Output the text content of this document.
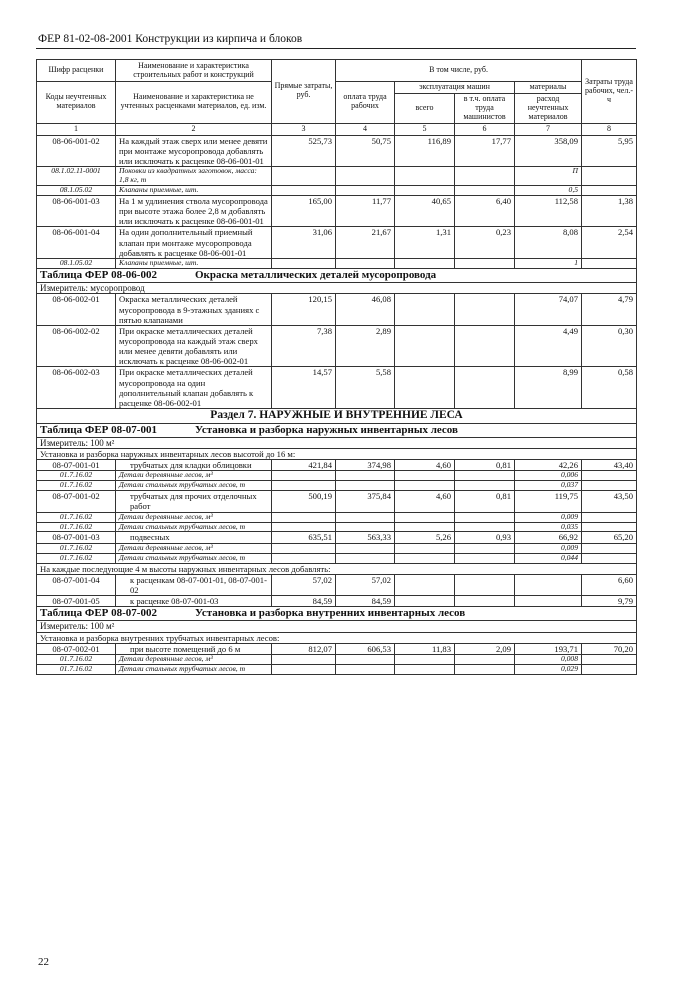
ФЕР 81-02-08-2001 Конструкции из кирпича и блоков
Шифр расценки	Наименование и характеристика строительных работ и конструкций	Прямые затраты, руб.	В том числе, руб.				Затраты труда рабочих, чел.-ч
Коды неучтенных материалов	Наименование и характеристика не учтенных расценками материалов, ед. изм.		оплата труда рабочих	эксплуатация машин		материалы	
				всего	в т.ч. оплата труда машинистов	расход неучтенных материалов	
1	2	3	4	5	6	7	8
08-06-001-02	На каждый этаж сверх или менее девяти при монтаже мусоропровода добавлять или исключать к расценке 08-06-001-01	525,73	50,75	116,89	17,77	358,09	5,95
08.1.02.11-0001	Поковки из квадратных заготовок, масса: 1,8 кг, т					П	
08.1.05.02	Клапаны приемные, шт.					0,5	
08-06-001-03	На 1 м удлинения ствола мусоропровода при высоте этажа более 2,8 м добавлять или исключать к расценке 08-06-001-01	165,00	11,77	40,65	6,40	112,58	1,38
08-06-001-04	На один дополнительный приемный клапан при монтаже мусоропровода добавлять к расценке 08-06-001-01	31,06	21,67	1,31	0,23	8,08	2,54
08.1.05.02	Клапаны приемные, шт.					1	
Таблица ФЕР 08-06-002 Окраска металлических деталей мусоропровода							
Измеритель: мусоропровод							
08-06-002-01	Окраска металлических деталей мусоропровода в 9-этажных зданиях с пятью клапанами	120,15	46,08			74,07	4,79
08-06-002-02	При окраске металлических деталей мусоропровода на каждый этаж сверх или менее девяти добавлять или исключать к расценке 08-06-002-01	7,38	2,89			4,49	0,30
08-06-002-03	При окраске металлических деталей мусоропровода на один дополнительный клапан добавлять к расценке 08-06-002-01	14,57	5,58			8,99	0,58
Раздел 7. НАРУЖНЫЕ И ВНУТРЕННИЕ ЛЕСА							
Таблица ФЕР 08-07-001 Установка и разборка наружных инвентарных лесов							
Измеритель: 100 м²							
Установка и разборка наружных инвентарных лесов высотой до 16 м:							
08-07-001-01	трубчатых для кладки облицовки	421,84	374,98	4,60	0,81	42,26	43,40
01.7.16.02	Детали деревянные лесов, м³					0,006	
01.7.16.02	Детали стальных трубчатых лесов, т					0,037	
08-07-001-02	трубчатых для прочих отделочных работ	500,19	375,84	4,60	0,81	119,75	43,50
01.7.16.02	Детали деревянные лесов, м³					0,009	
01.7.16.02	Детали стальных трубчатых лесов, т					0,035	
08-07-001-03	подвесных	635,51	563,33	5,26	0,93	66,92	65,20
01.7.16.02	Детали деревянные лесов, м³					0,009	
01.7.16.02	Детали стальных трубчатых лесов, т					0,044	
На каждые последующие 4 м высоты наружных инвентарных лесов добавлять:							
08-07-001-04	к расценкам 08-07-001-01, 08-07-001-02	57,02	57,02				6,60
08-07-001-05	к расценке 08-07-001-03	84,59	84,59				9,79
Таблица ФЕР 08-07-002 Установка и разборка внутренних инвентарных лесов							
Измеритель: 100 м²							
Установка и разборка внутренних трубчатых инвентарных лесов:							
08-07-002-01	при высоте помещений до 6 м	812,07	606,53	11,83	2,09	193,71	70,20
01.7.16.02	Детали деревянные лесов, м³					0,008	
01.7.16.02	Детали стальных трубчатых лесов, т					0,029	
22
